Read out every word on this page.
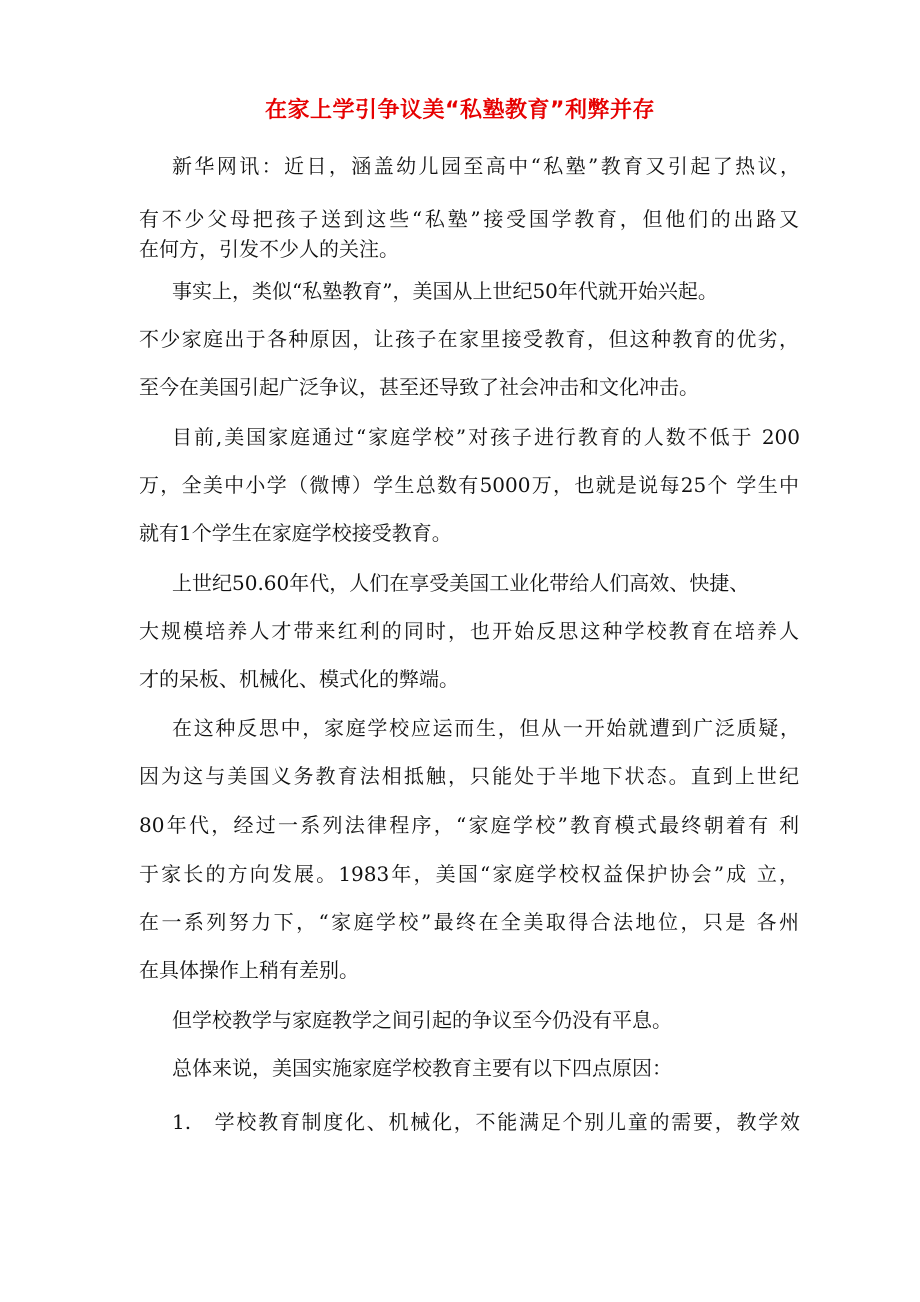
在家上学引争议美“私塾教育”利弊并存

新华网讯：近日，涵盖幼儿园至高中“私塾”教育又引起了热议，

有不少父母把孩子送到这些“私塾”接受国学教育，但他们的出路又

在何方，引发不少人的关注。

事实上，类似“私塾教育”，美国从上世纪50年代就开始兴起。

不少家庭出于各种原因，让孩子在家里接受教育，但这种教育的优劣，

至今在美国引起广泛争议，甚至还导致了社会冲击和文化冲击。

目前,美国家庭通过“家庭学校”对孩子进行教育的人数不低于 200

万，全美中小学（微博）学生总数有5000万，也就是说每25个 学生中

就有1个学生在家庭学校接受教育。

上世纪50.60年代，人们在享受美国工业化带给人们高效、快捷、

大规模培养人才带来红利的同时，也开始反思这种学校教育在培养人

才的呆板、机械化、模式化的弊端。

在这种反思中，家庭学校应运而生，但从一开始就遭到广泛质疑，

因为这与美国义务教育法相抵触，只能处于半地下状态。直到上世纪

80年代，经过一系列法律程序，“家庭学校”教育模式最终朝着有 利

于家长的方向发展。1983年，美国“家庭学校权益保护协会”成 立，

在一系列努力下，“家庭学校”最终在全美取得合法地位，只是 各州

在具体操作上稍有差别。

但学校教学与家庭教学之间引起的争议至今仍没有平息。

总体来说，美国实施家庭学校教育主要有以下四点原因：

1.　学校教育制度化、机械化，不能满足个别儿童的需要，教学效
